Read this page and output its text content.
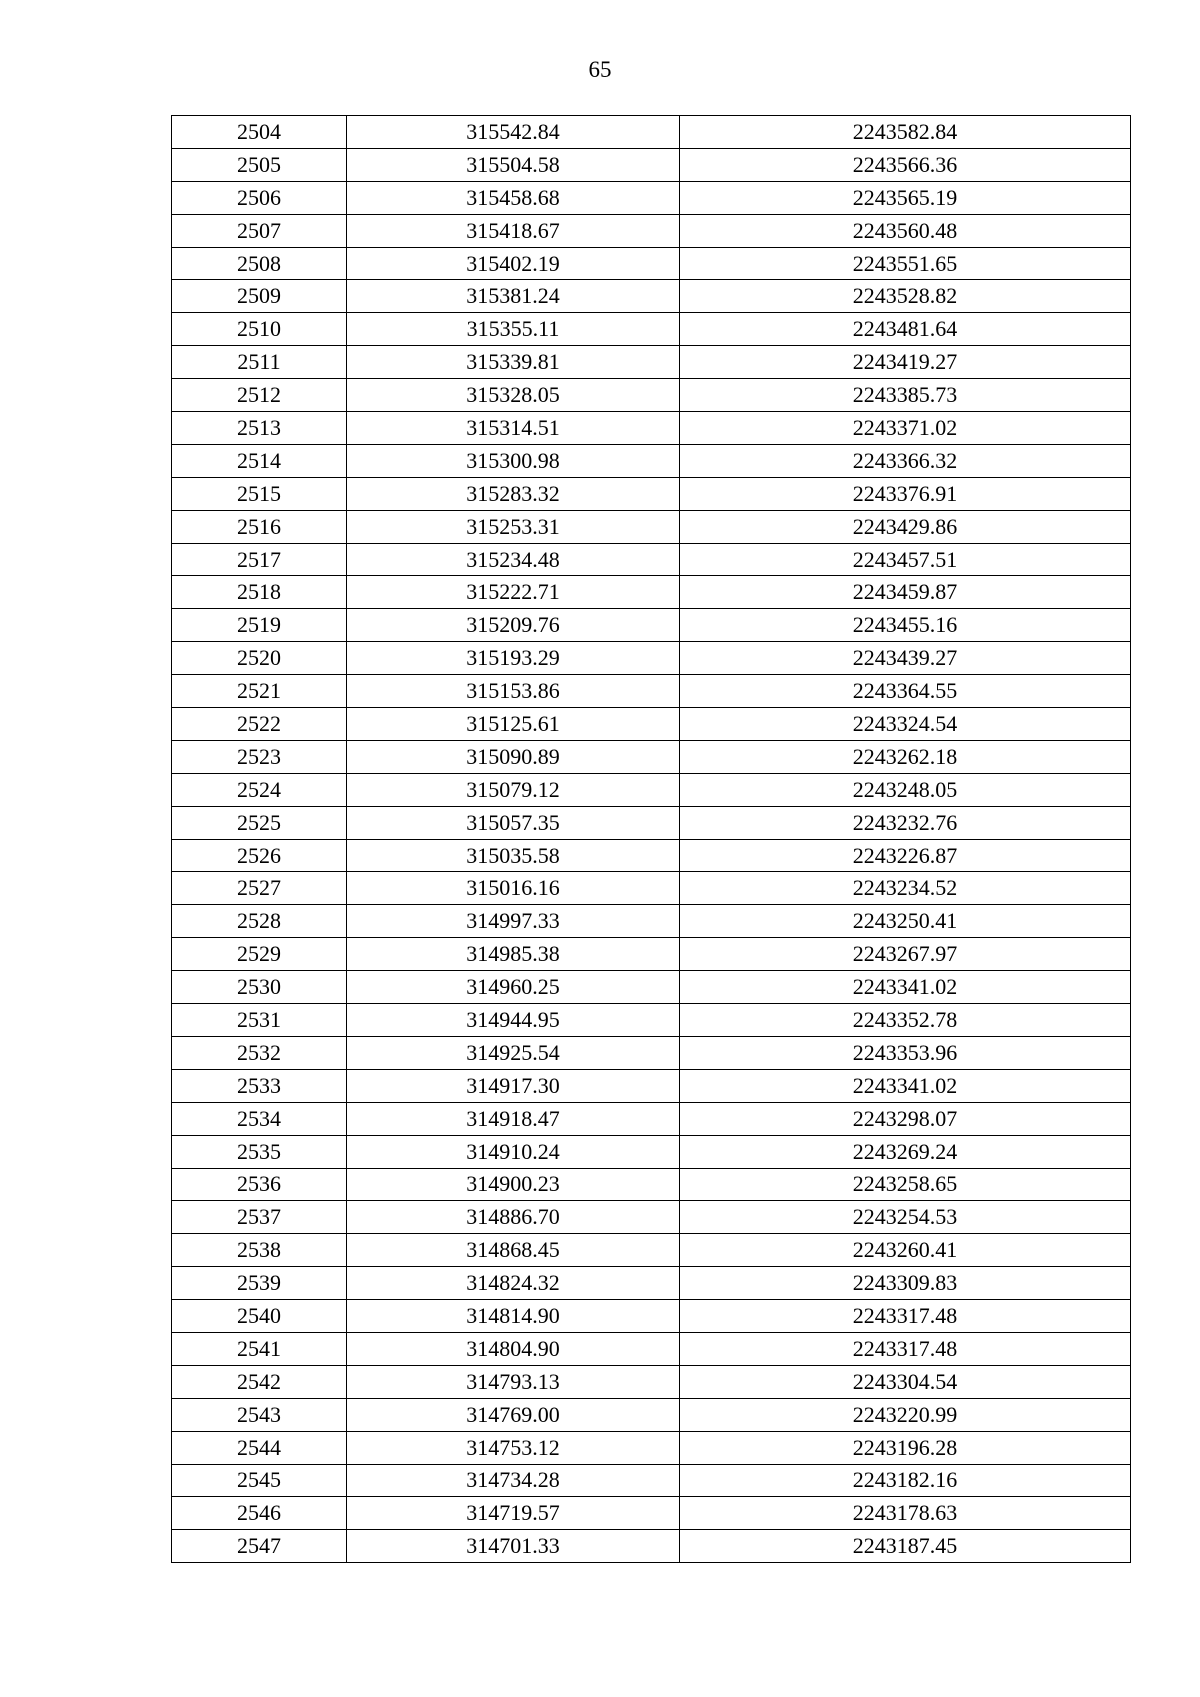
65
2504	315542.84	2243582.84
2505	315504.58	2243566.36
2506	315458.68	2243565.19
2507	315418.67	2243560.48
2508	315402.19	2243551.65
2509	315381.24	2243528.82
2510	315355.11	2243481.64
2511	315339.81	2243419.27
2512	315328.05	2243385.73
2513	315314.51	2243371.02
2514	315300.98	2243366.32
2515	315283.32	2243376.91
2516	315253.31	2243429.86
2517	315234.48	2243457.51
2518	315222.71	2243459.87
2519	315209.76	2243455.16
2520	315193.29	2243439.27
2521	315153.86	2243364.55
2522	315125.61	2243324.54
2523	315090.89	2243262.18
2524	315079.12	2243248.05
2525	315057.35	2243232.76
2526	315035.58	2243226.87
2527	315016.16	2243234.52
2528	314997.33	2243250.41
2529	314985.38	2243267.97
2530	314960.25	2243341.02
2531	314944.95	2243352.78
2532	314925.54	2243353.96
2533	314917.30	2243341.02
2534	314918.47	2243298.07
2535	314910.24	2243269.24
2536	314900.23	2243258.65
2537	314886.70	2243254.53
2538	314868.45	2243260.41
2539	314824.32	2243309.83
2540	314814.90	2243317.48
2541	314804.90	2243317.48
2542	314793.13	2243304.54
2543	314769.00	2243220.99
2544	314753.12	2243196.28
2545	314734.28	2243182.16
2546	314719.57	2243178.63
2547	314701.33	2243187.45
